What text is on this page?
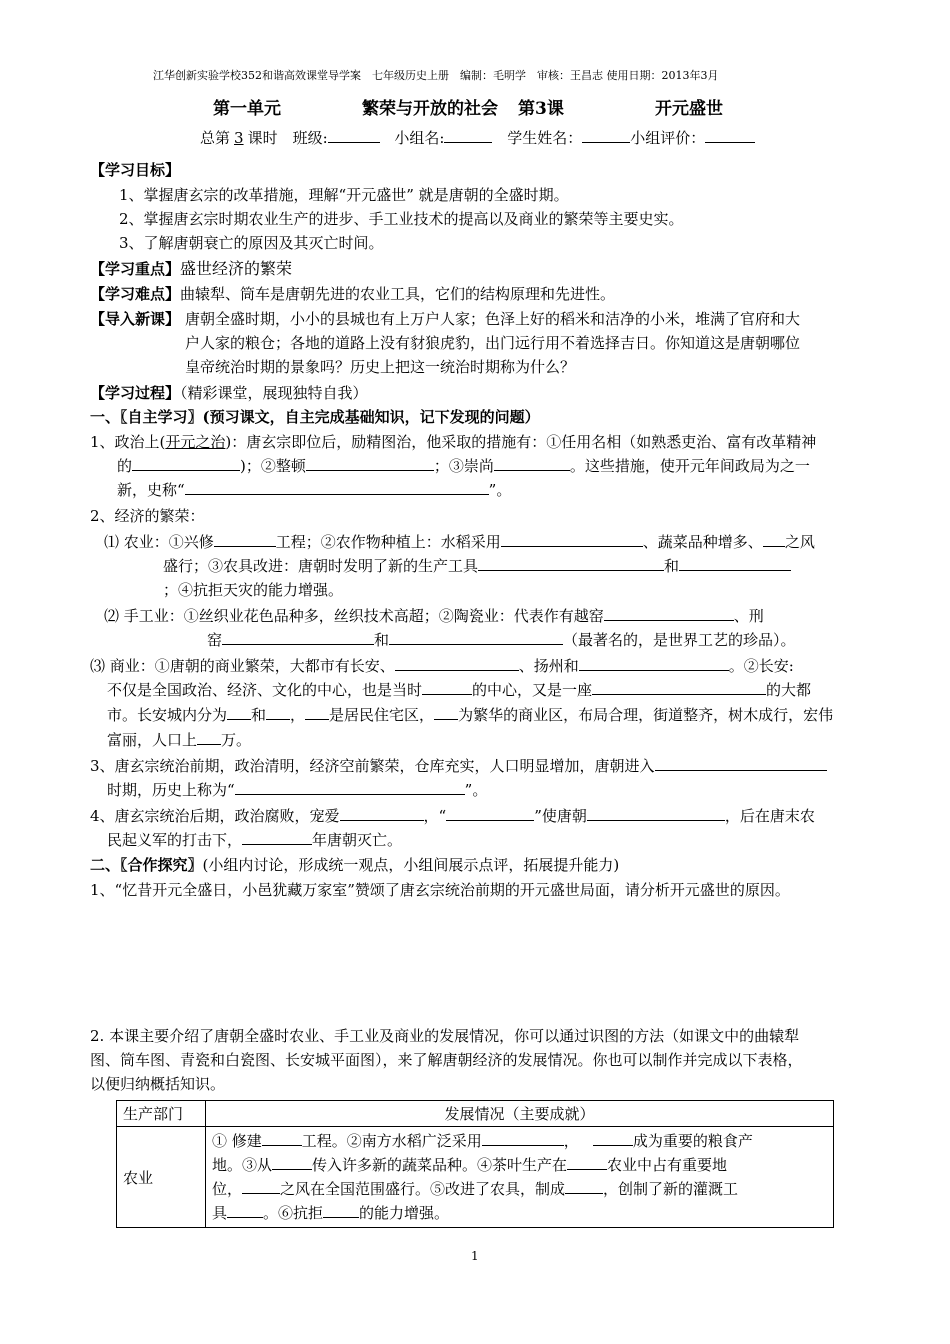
江华创新实验学校352和谐高效课堂导学案　七年级历史上册　编制：毛明学　审核：王昌志 使用日期：2013年3月
第一单元	繁荣与开放的社会 第3课	开元盛世
总第 3 课时　班级:	小组名:	学生姓名：	小组评价：
【学习目标】
1、掌握唐玄宗的改革措施，理解“开元盛世” 就是唐朝的全盛时期。
2、掌握唐玄宗时期农业生产的进步、手工业技术的提高以及商业的繁荣等主要史实。
3、了解唐朝衰亡的原因及其灭亡时间。
【学习重点】盛世经济的繁荣
【学习难点】曲辕犁、筒车是唐朝先进的农业工具，它们的结构原理和先进性。
【导入新课】 唐朝全盛时期，小小的县城也有上万户人家；色泽上好的稻米和洁净的小米，堆满了官府和大
户人家的粮仓；各地的道路上没有豺狼虎豹，出门远行用不着选择吉日。你知道这是唐朝哪位
皇帝统治时期的景象吗？历史上把这一统治时期称为什么？
【学习过程】（精彩课堂，展现独特自我）
一、〖自主学习〗(预习课文，自主完成基础知识，记下发现的问题）
1、政治上(开元之治)：唐玄宗即位后，励精图治，他采取的措施有：①任用名相（如熟悉吏治、富有改革精神
的	)；②整顿	；③崇尚	。这些措施，使开元年间政局为之一
新，史称“	”。
2、经济的繁荣：
⑴ 农业：①兴修	工程；②农作物种植上：水稻采用	、蔬菜品种增多、 之风
盛行；③农具改进：唐朝时发明了新的生产工具	和
；④抗拒天灾的能力增强。
⑵ 手工业：①丝织业花色品种多，丝织技术高超；②陶瓷业：代表作有越窑	、刑
窑	和	（最著名的，是世界工艺的珍品）。
⑶ 商业：①唐朝的商业繁荣，大都市有长安、	、扬州和	。②长安:
不仅是全国政治、经济、文化的中心，也是当时	的中心，又是一座	的大都
市。长安城内分为 和 ， 是居民住宅区， 为繁华的商业区，布局合理，街道整齐，树木成行，宏伟
富丽，人口上 万。
3、唐玄宗统治前期，政治清明，经济空前繁荣，仓库充实，人口明显增加，唐朝进入
时期，历史上称为“	”。
4、唐玄宗统治后期，政治腐败，宠爱	，“	”使唐朝	，后在唐末农
民起义军的打击下，	年唐朝灭亡。
二、〖合作探究〗(小组内讨论，形成统一观点，小组间展示点评，拓展提升能力)
1、“忆昔开元全盛日，小邑犹藏万家室”赞颂了唐玄宗统治前期的开元盛世局面，请分析开元盛世的原因。
2. 本课主要介绍了唐朝全盛时农业、手工业及商业的发展情况，你可以通过识图的方法（如课文中的曲辕犁
图、筒车图、青瓷和白瓷图、长安城平面图），来了解唐朝经济的发展情况。你也可以制作并完成以下表格，
以便归纳概括知识。
生产部门	发展情况（主要成就）
农业	① 修建 工程。②南方水稻广泛采用 ， 成为重要的粮食产
地。③从 传入许多新的蔬菜品种。④茶叶生产在 农业中占有重要地
位， 之风在全国范围盛行。⑤改进了农具，制成 ，创制了新的灌溉工
具 。⑥抗拒 的能力增强。
1
